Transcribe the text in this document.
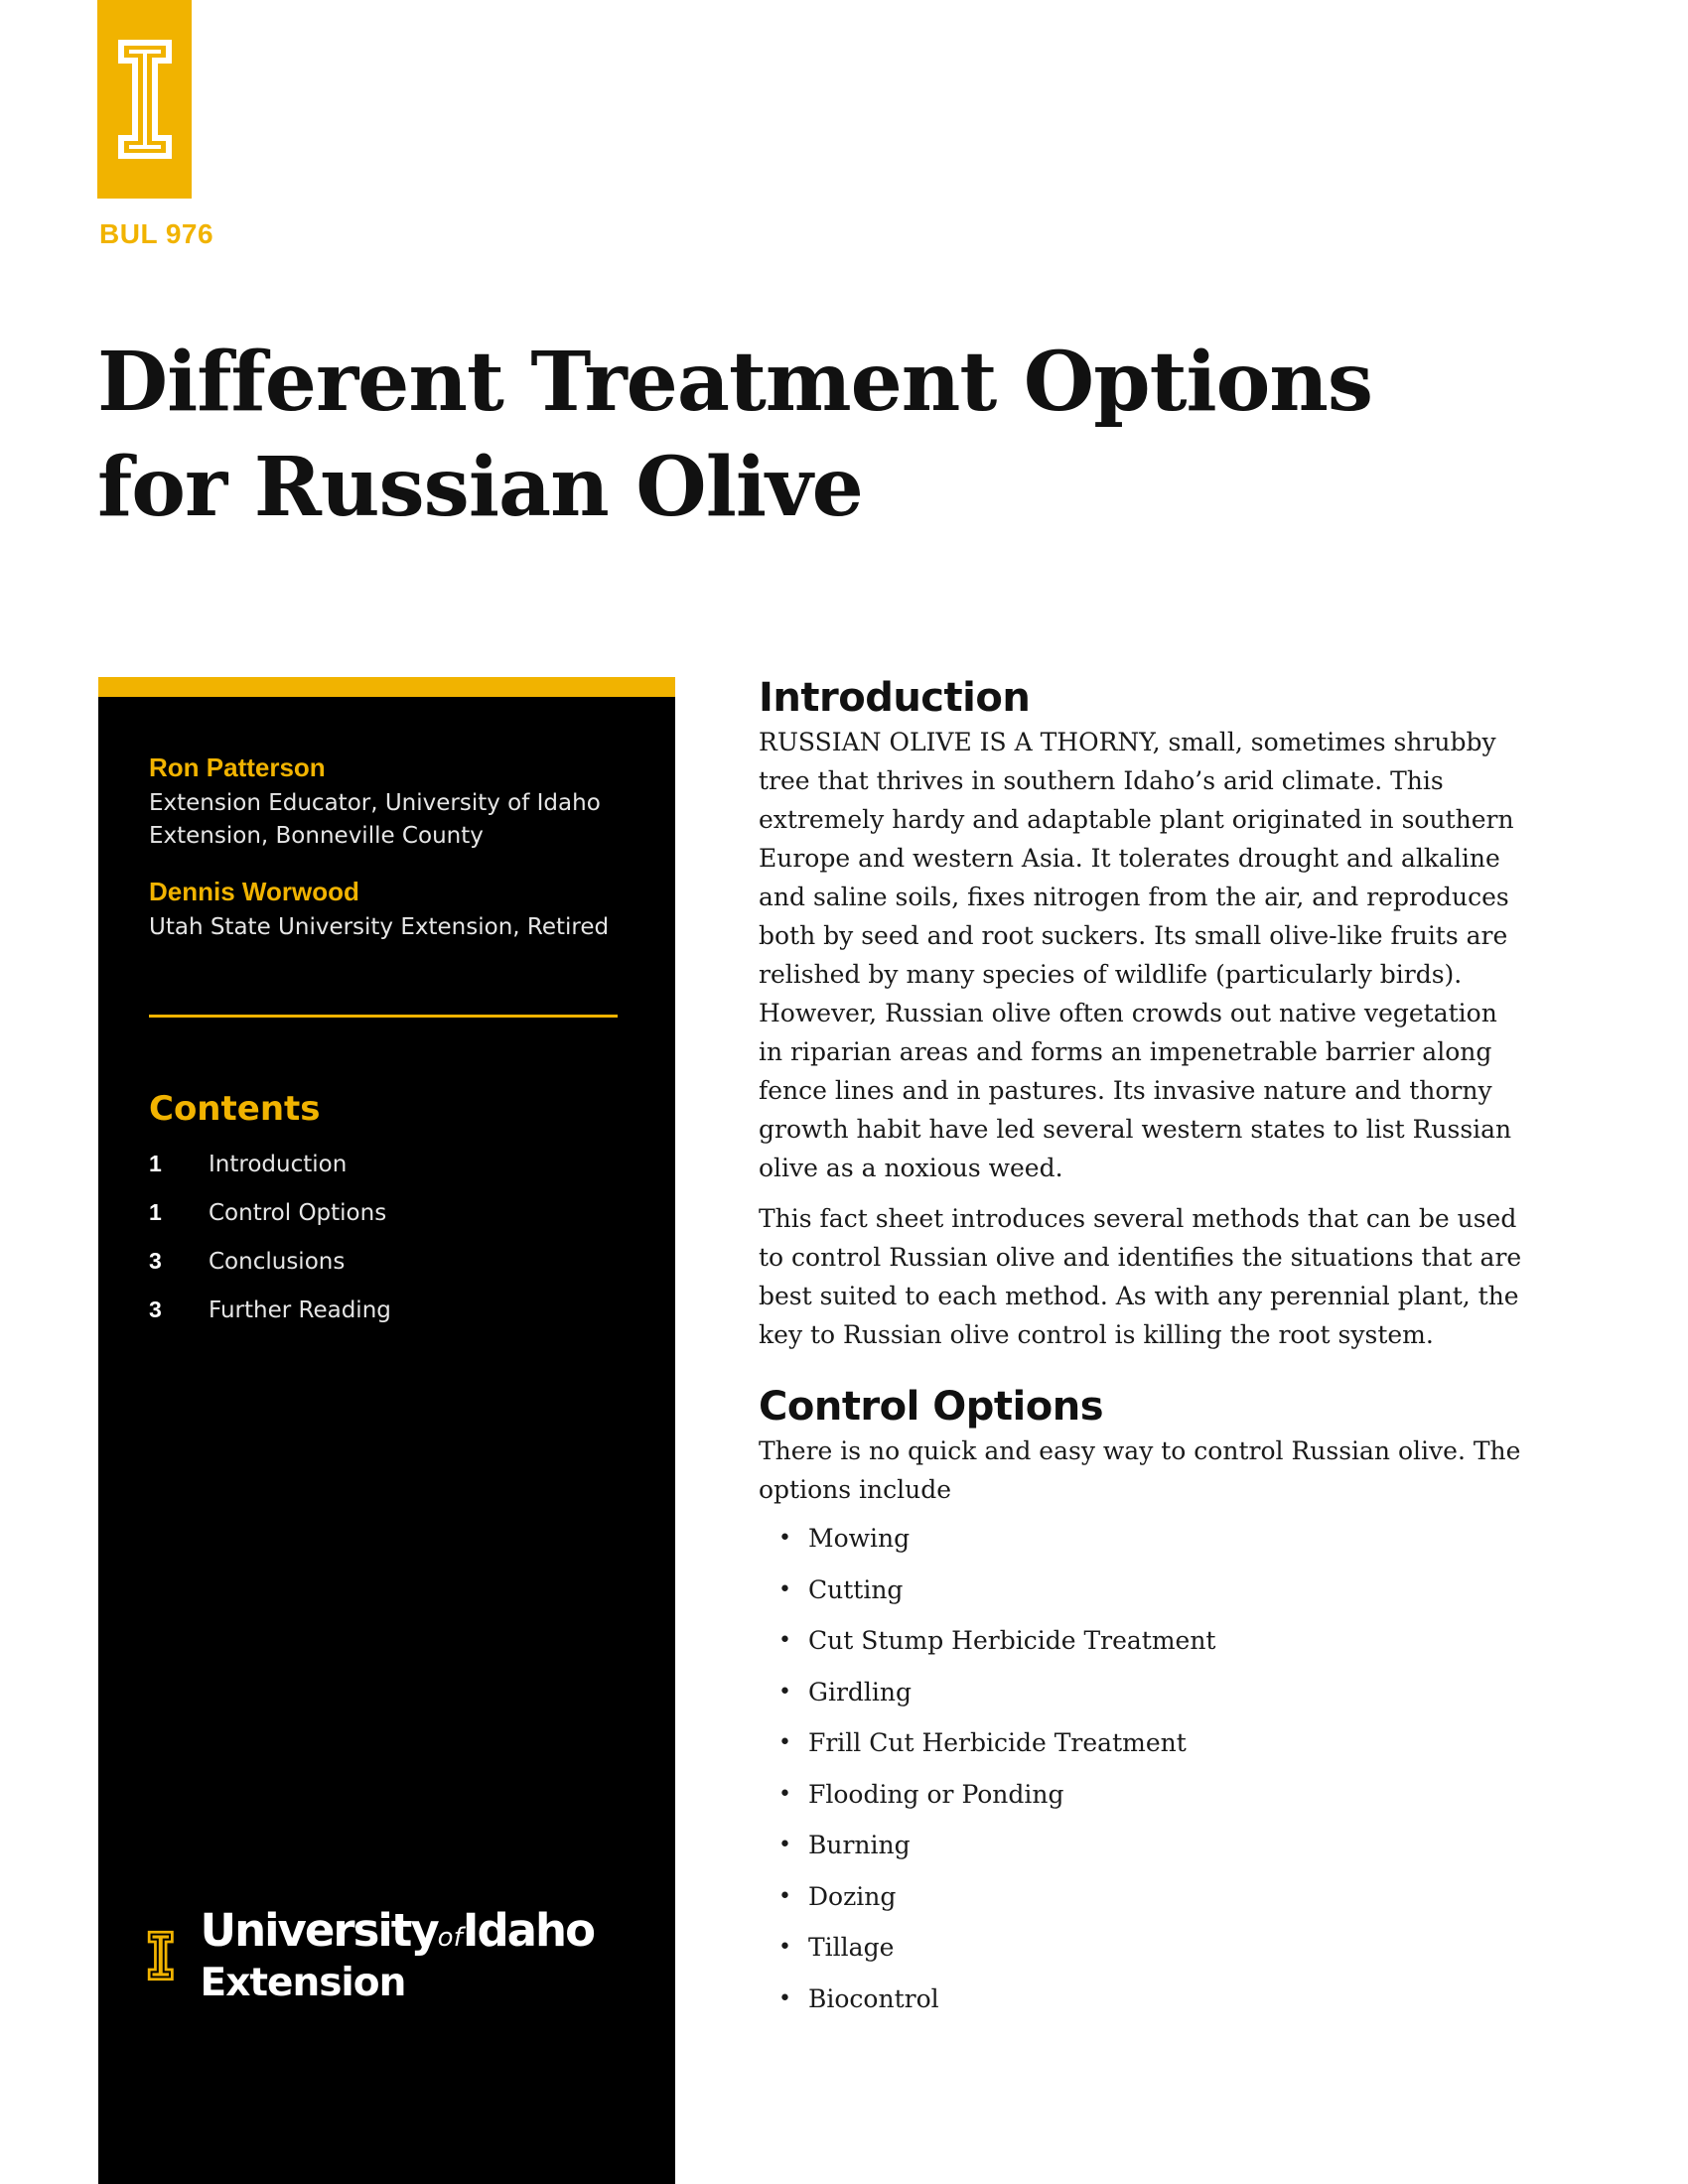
BUL 976
Different Treatment Options
for Russian Olive
Ron Patterson

Extension Educator, University of Idaho
Extension, Bonneville County

Dennis Worwood

Utah State University Extension, Retired

Contents
1	Introduction
1	Control Options
3	Conclusions
3	Further Reading
UniversityofIdaho
Extension
Introduction

RUSSIAN OLIVE IS A THORNY, small, sometimes shrubby
tree that thrives in southern Idaho’s arid climate. This
extremely hardy and adaptable plant originated in southern
Europe and western Asia. It tolerates drought and alkaline
and saline soils, fixes nitrogen from the air, and reproduces
both by seed and root suckers. Its small olive-like fruits are
relished by many species of wildlife (particularly birds).
However, Russian olive often crowds out native vegetation
in riparian areas and forms an impenetrable barrier along
fence lines and in pastures. Its invasive nature and thorny
growth habit have led several western states to list Russian
olive as a noxious weed.

This fact sheet introduces several methods that can be used
to control Russian olive and identifies the situations that are
best suited to each method. As with any perennial plant, the
key to Russian olive control is killing the root system.

Control Options

There is no quick and easy way to control Russian olive. The
options include

• Mowing
• Cutting
• Cut Stump Herbicide Treatment
• Girdling
• Frill Cut Herbicide Treatment
• Flooding or Ponding
• Burning
• Dozing
• Tillage
• Biocontrol
